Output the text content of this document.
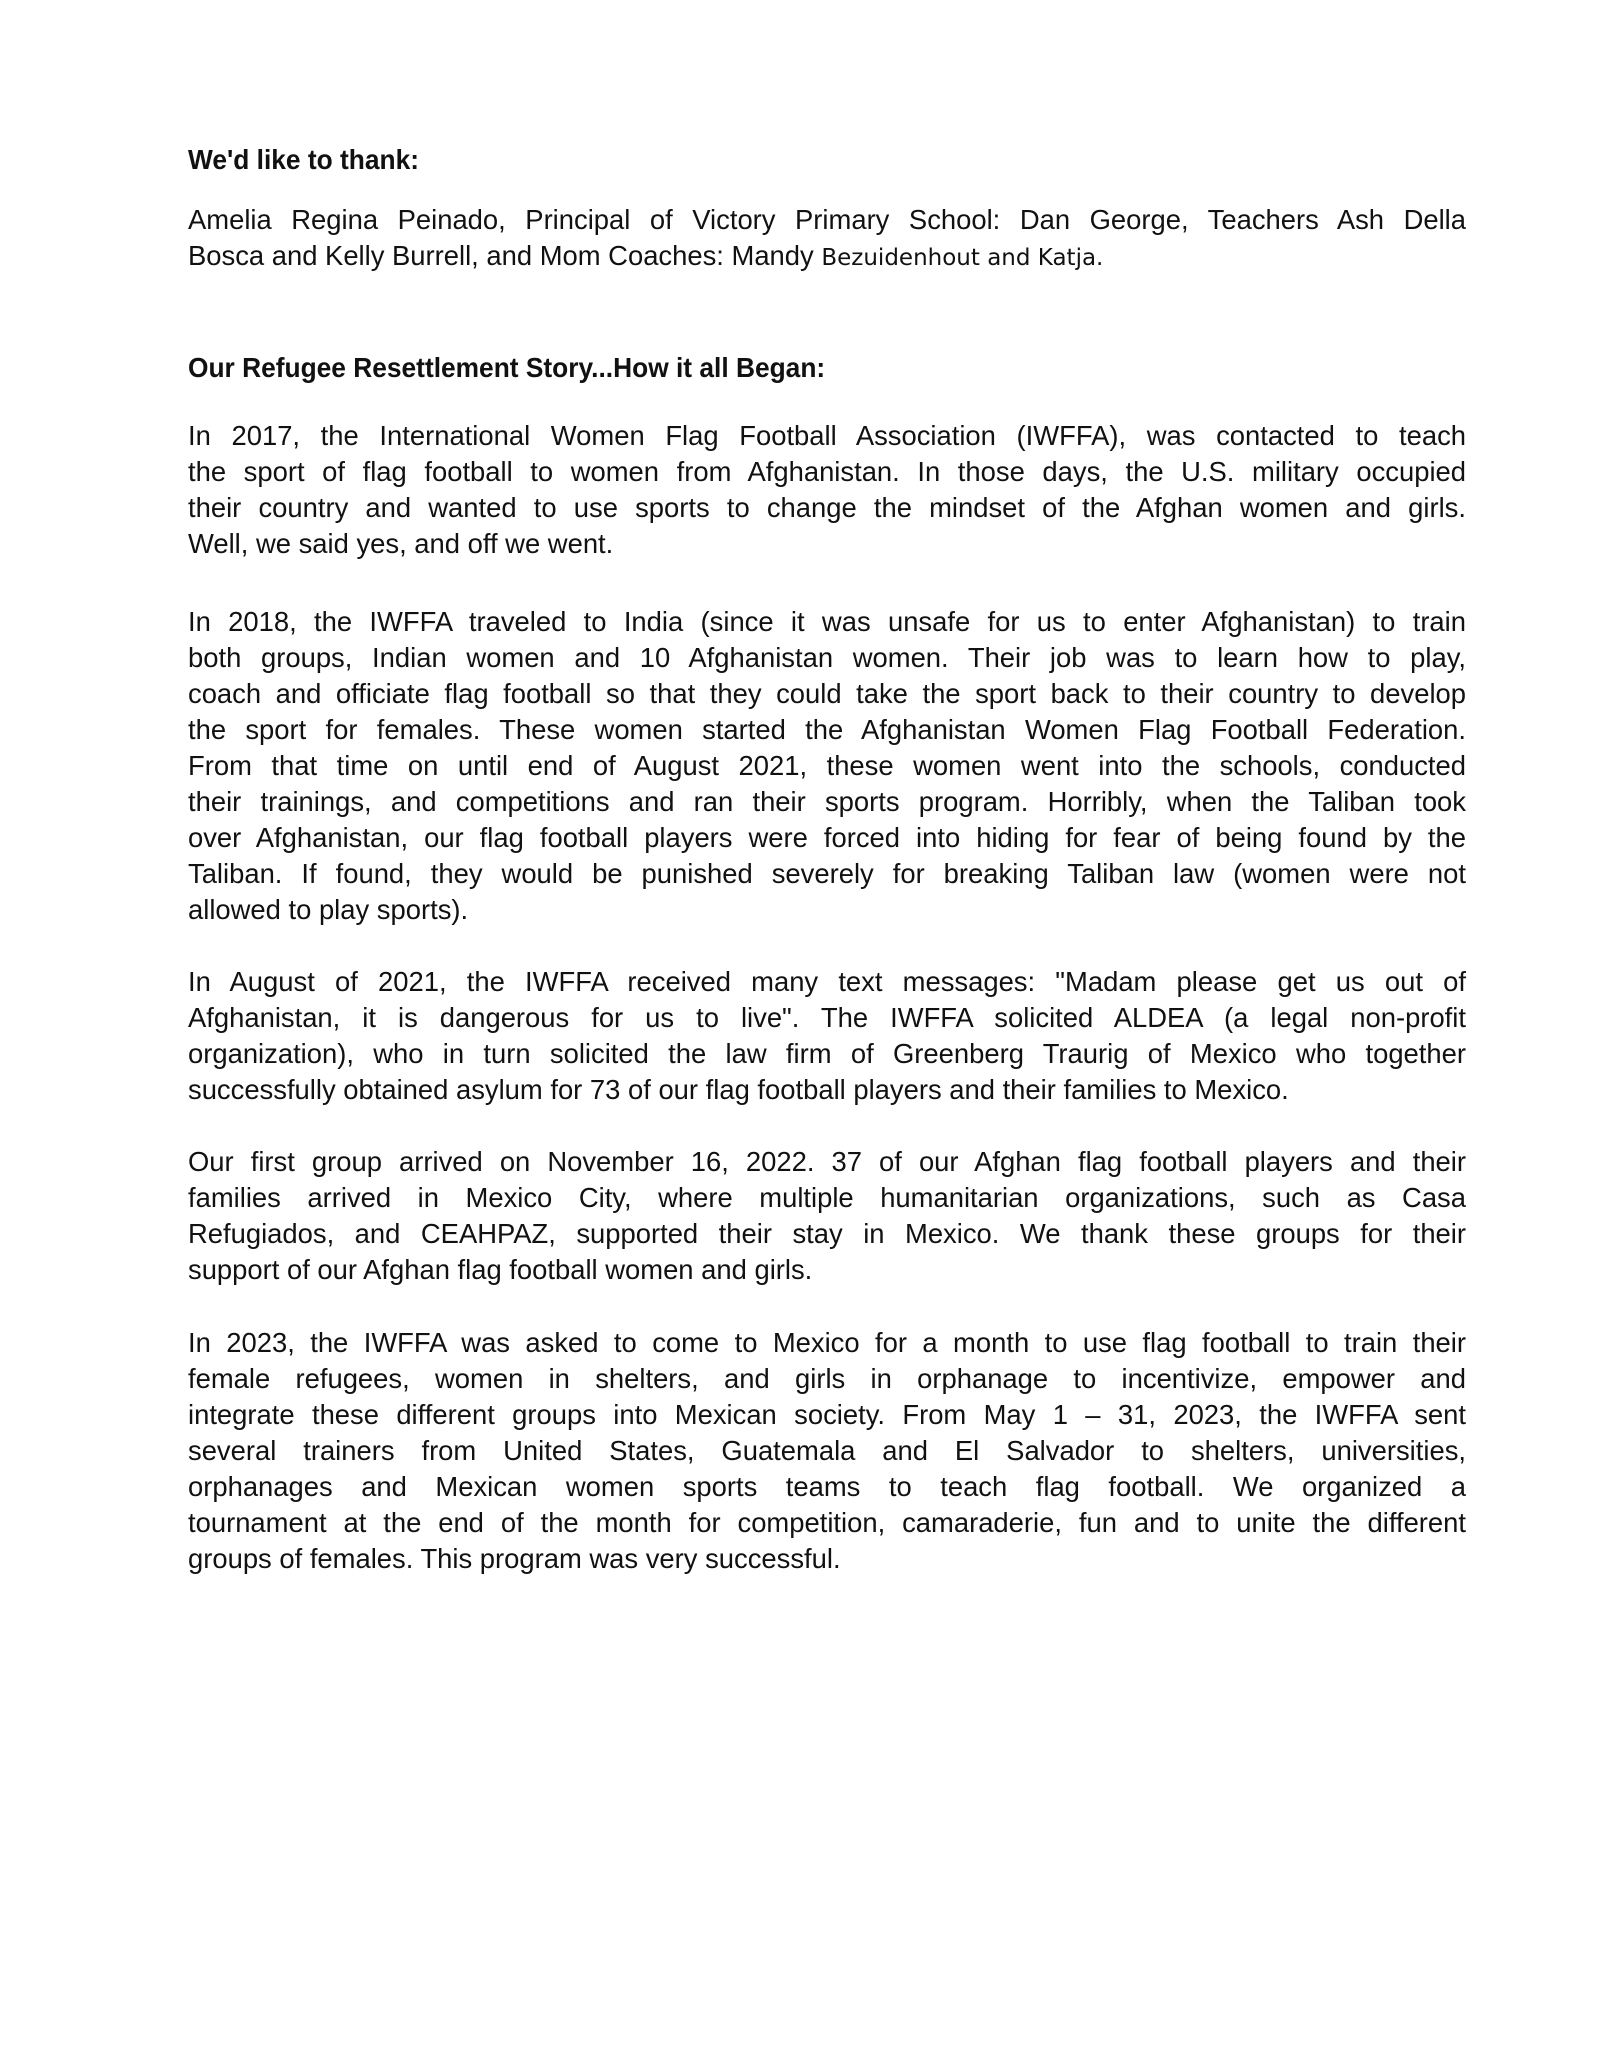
We'd like to thank:
Amelia Regina Peinado, Principal of Victory Primary School: Dan George, Teachers Ash Della
Bosca and Kelly Burrell, and Mom Coaches: Mandy Bezuidenhout and Katja.
Our Refugee Resettlement Story...How it all Began:
In 2017, the International Women Flag Football Association (IWFFA), was contacted to teach
the sport of flag football to women from Afghanistan. In those days, the U.S. military occupied
their country and wanted to use sports to change the mindset of the Afghan women and girls.
Well, we said yes, and off we went.
In 2018, the IWFFA traveled to India (since it was unsafe for us to enter Afghanistan) to train
both groups, Indian women and 10 Afghanistan women. Their job was to learn how to play,
coach and officiate flag football so that they could take the sport back to their country to develop
the sport for females. These women started the Afghanistan Women Flag Football Federation.
From that time on until end of August 2021, these women went into the schools, conducted
their trainings, and competitions and ran their sports program. Horribly, when the Taliban took
over Afghanistan, our flag football players were forced into hiding for fear of being found by the
Taliban. If found, they would be punished severely for breaking Taliban law (women were not
allowed to play sports).
In August of 2021, the IWFFA received many text messages: "Madam please get us out of
Afghanistan, it is dangerous for us to live". The IWFFA solicited ALDEA (a legal non-profit
organization), who in turn solicited the law firm of Greenberg Traurig of Mexico who together
successfully obtained asylum for 73 of our flag football players and their families to Mexico.
Our first group arrived on November 16, 2022. 37 of our Afghan flag football players and their
families arrived in Mexico City, where multiple humanitarian organizations, such as Casa
Refugiados, and CEAHPAZ, supported their stay in Mexico. We thank these groups for their
support of our Afghan flag football women and girls.
In 2023, the IWFFA was asked to come to Mexico for a month to use flag football to train their
female refugees, women in shelters, and girls in orphanage to incentivize, empower and
integrate these different groups into Mexican society. From May 1 – 31, 2023, the IWFFA sent
several trainers from United States, Guatemala and El Salvador to shelters, universities,
orphanages and Mexican women sports teams to teach flag football. We organized a
tournament at the end of the month for competition, camaraderie, fun and to unite the different
groups of females. This program was very successful.
